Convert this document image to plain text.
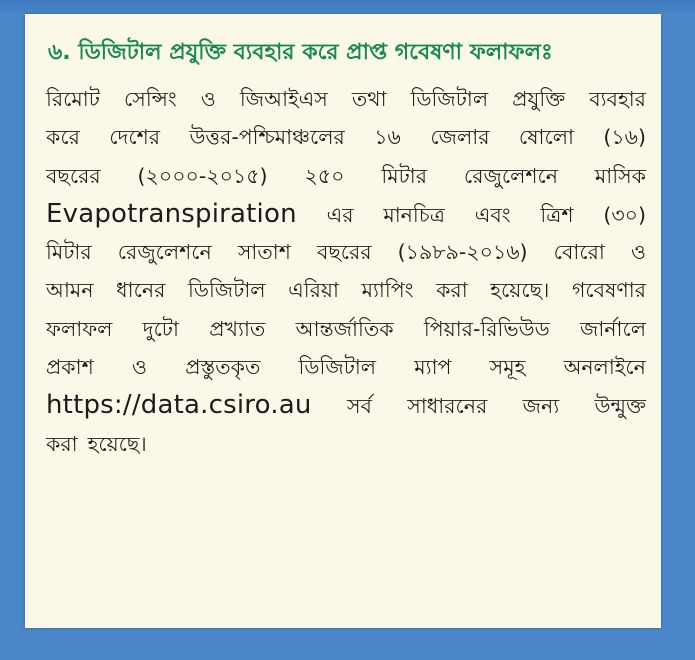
৬. ডিজিটাল প্রযুক্তি ব্যবহার করে প্রাপ্ত গবেষণা ফলাফলঃ
রিমোট সেন্সিং ও জিআইএস তথা ডিজিটাল প্রযুক্তি ব্যবহার
করে দেশের উত্তর-পশ্চিমাঞ্চলের ১৬ জেলার ষোলো (১৬)
বছরের (২০০০-২০১৫) ২৫০ মিটার রেজুলেশনে মাসিক
Evapotranspiration এর মানচিত্র এবং ত্রিশ (৩০)
মিটার রেজুলেশনে সাতাশ বছরের (১৯৮৯-২০১৬) বোরো ও
আমন ধানের ডিজিটাল এরিয়া ম্যাপিং করা হয়েছে। গবেষণার
ফলাফল দুটো প্রখ্যাত আন্তর্জাতিক পিয়ার-রিভিউড জার্নালে
প্রকাশ ও প্রস্তুতকৃত ডিজিটাল ম্যাপ সমূহ অনলাইনে
https://data.csiro.au সর্ব সাধারনের জন্য উন্মুক্ত
করা হয়েছে।
